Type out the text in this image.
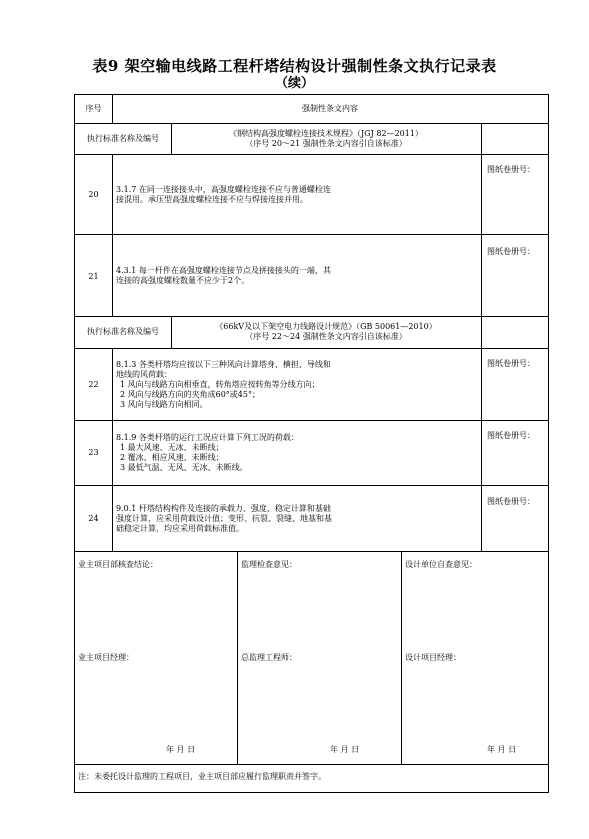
表9 架空输电线路工程杆塔结构设计强制性条文执行记录表
（续）
序号	强制性条文内容
执行标准名称及编号
《钢结构高强度螺栓连接技术规程》（JGJ 82—2011）
（序号 20～21 强制性条文内容引自该标准）
20
3.1.7 在同一连接接头中，高强度螺栓连接不应与普通螺栓连
接混用。承压型高强度螺栓连接不应与焊接连接并用。
图纸卷册号：
21
4.3.1 每一杆件在高强度螺栓连接节点及拼接接头的一端，其
连接的高强度螺栓数量不应少于2个。
图纸卷册号：
执行标准名称及编号
《66kV及以下架空电力线路设计规范》（GB 50061—2010）
（序号 22～24 强制性条文内容引自该标准）
22
8.1.3 各类杆塔均应按以下三种风向计算塔身、横担、导线和
地线的风荷载：
1 风向与线路方向相垂直，转角塔应按转角等分线方向；
2 风向与线路方向的夹角成60°或45°；
3 风向与线路方向相同。
图纸卷册号：
23
8.1.9 各类杆塔的运行工况应计算下列工况的荷载：
1 最大风速、无冰、未断线；
2 覆冰、相应风速、未断线；
3 最低气温、无风、无冰、未断线。
图纸卷册号：
24
9.0.1 杆塔结构构件及连接的承载力、强度、稳定计算和基础
强度计算，应采用荷载设计值；变形、抗裂、裂缝、地基和基
础稳定计算，均应采用荷载标准值。
图纸卷册号：
业主项目部核查结论：	监理检查意见：	设计单位自查意见：
业主项目经理：	总监理工程师：	设计项目经理：
年 月 日	年 月 日	年 月 日
注：未委托设计监理的工程项目，业主项目部应履行监理职责并签字。
